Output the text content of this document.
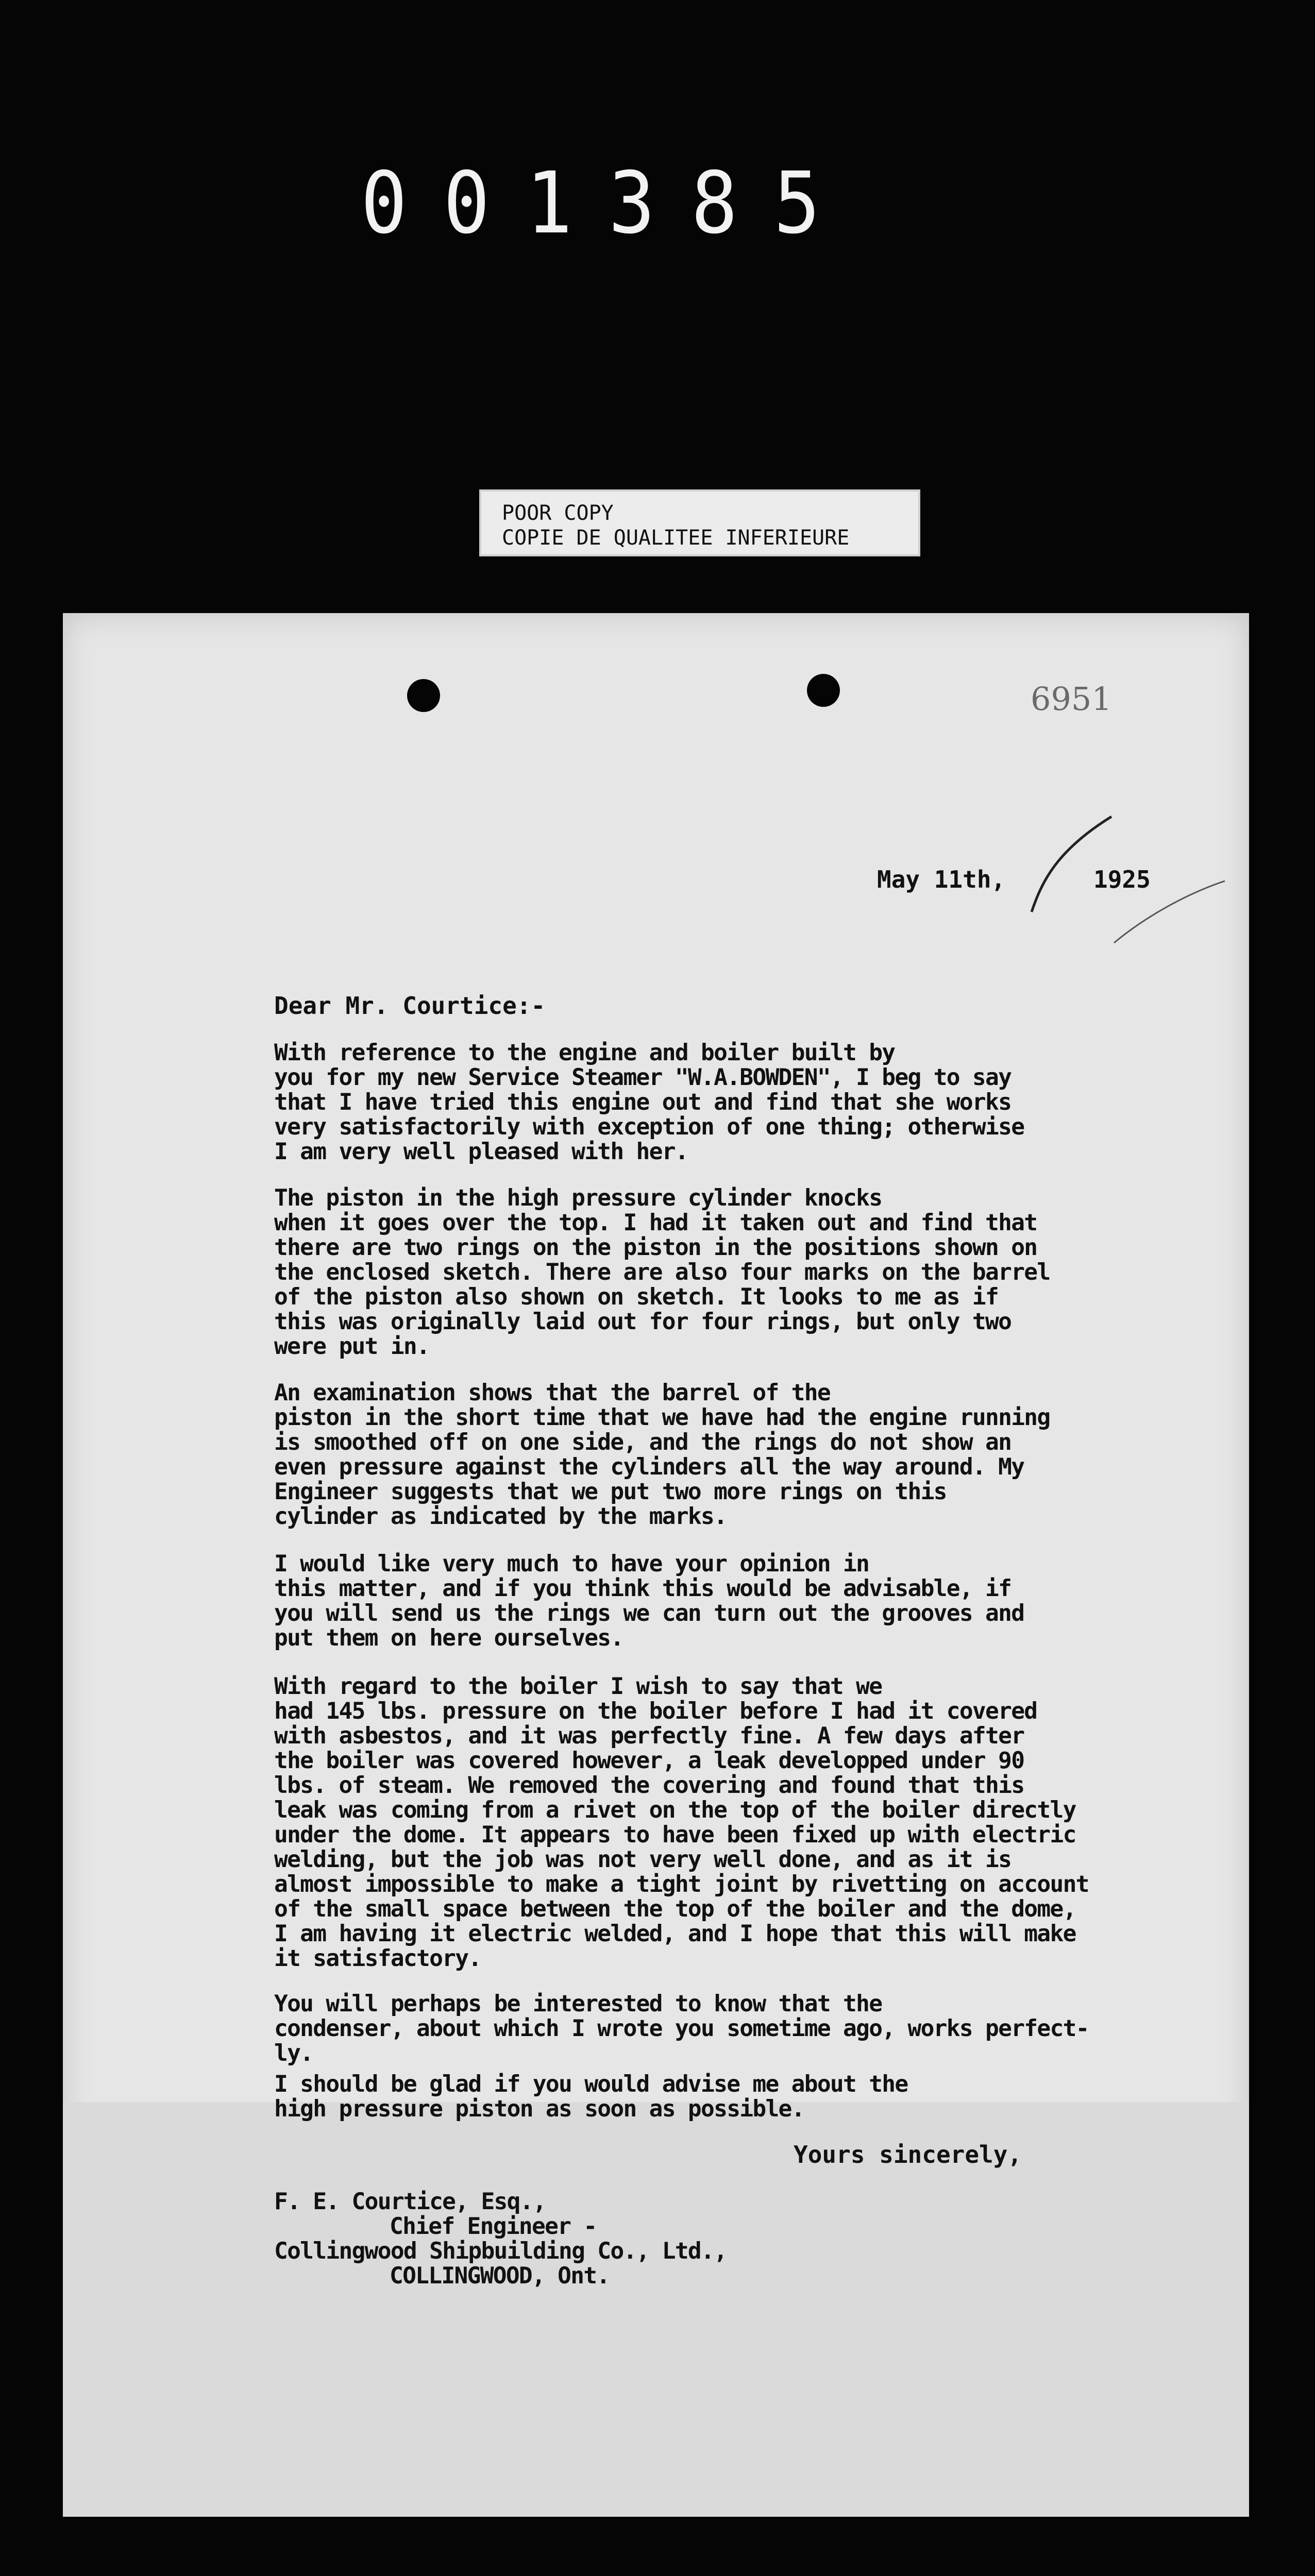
001385
POOR COPY
COPIE DE QUALITEE INFERIEURE
6951
May 11th,	1925
Dear Mr. Courtice:-
With reference to the engine and boiler built by
you for my new Service Steamer "W.A.BOWDEN", I beg to say
that I have tried this engine out and find that she works
very satisfactorily with exception of one thing; otherwise
I am very well pleased with her.
The piston in the high pressure cylinder knocks
when it goes over the top. I had it taken out and find that
there are two rings on the piston in the positions shown on
the enclosed sketch. There are also four marks on the barrel
of the piston also shown on sketch. It looks to me as if
this was originally laid out for four rings, but only two
were put in.
An examination shows that the barrel of the
piston in the short time that we have had the engine running
is smoothed off on one side, and the rings do not show an
even pressure against the cylinders all the way around. My
Engineer suggests that we put two more rings on this
cylinder as indicated by the marks.
I would like very much to have your opinion in
this matter, and if you think this would be advisable, if
you will send us the rings we can turn out the grooves and
put them on here ourselves.
With regard to the boiler I wish to say that we
had 145 lbs. pressure on the boiler before I had it covered
with asbestos, and it was perfectly fine. A few days after
the boiler was covered however, a leak developped under 90
lbs. of steam. We removed the covering and found that this
leak was coming from a rivet on the top of the boiler directly
under the dome. It appears to have been fixed up with electric
welding, but the job was not very well done, and as it is
almost impossible to make a tight joint by rivetting on account
of the small space between the top of the boiler and the dome,
I am having it electric welded, and I hope that this will make
it satisfactory.
You will perhaps be interested to know that the
condenser, about which I wrote you sometime ago, works perfect-
ly.
I should be glad if you would advise me about the
high pressure piston as soon as possible.
Yours sincerely,
F. E. Courtice, Esq.,
Chief Engineer -
Collingwood Shipbuilding Co., Ltd.,
COLLINGWOOD, Ont.
